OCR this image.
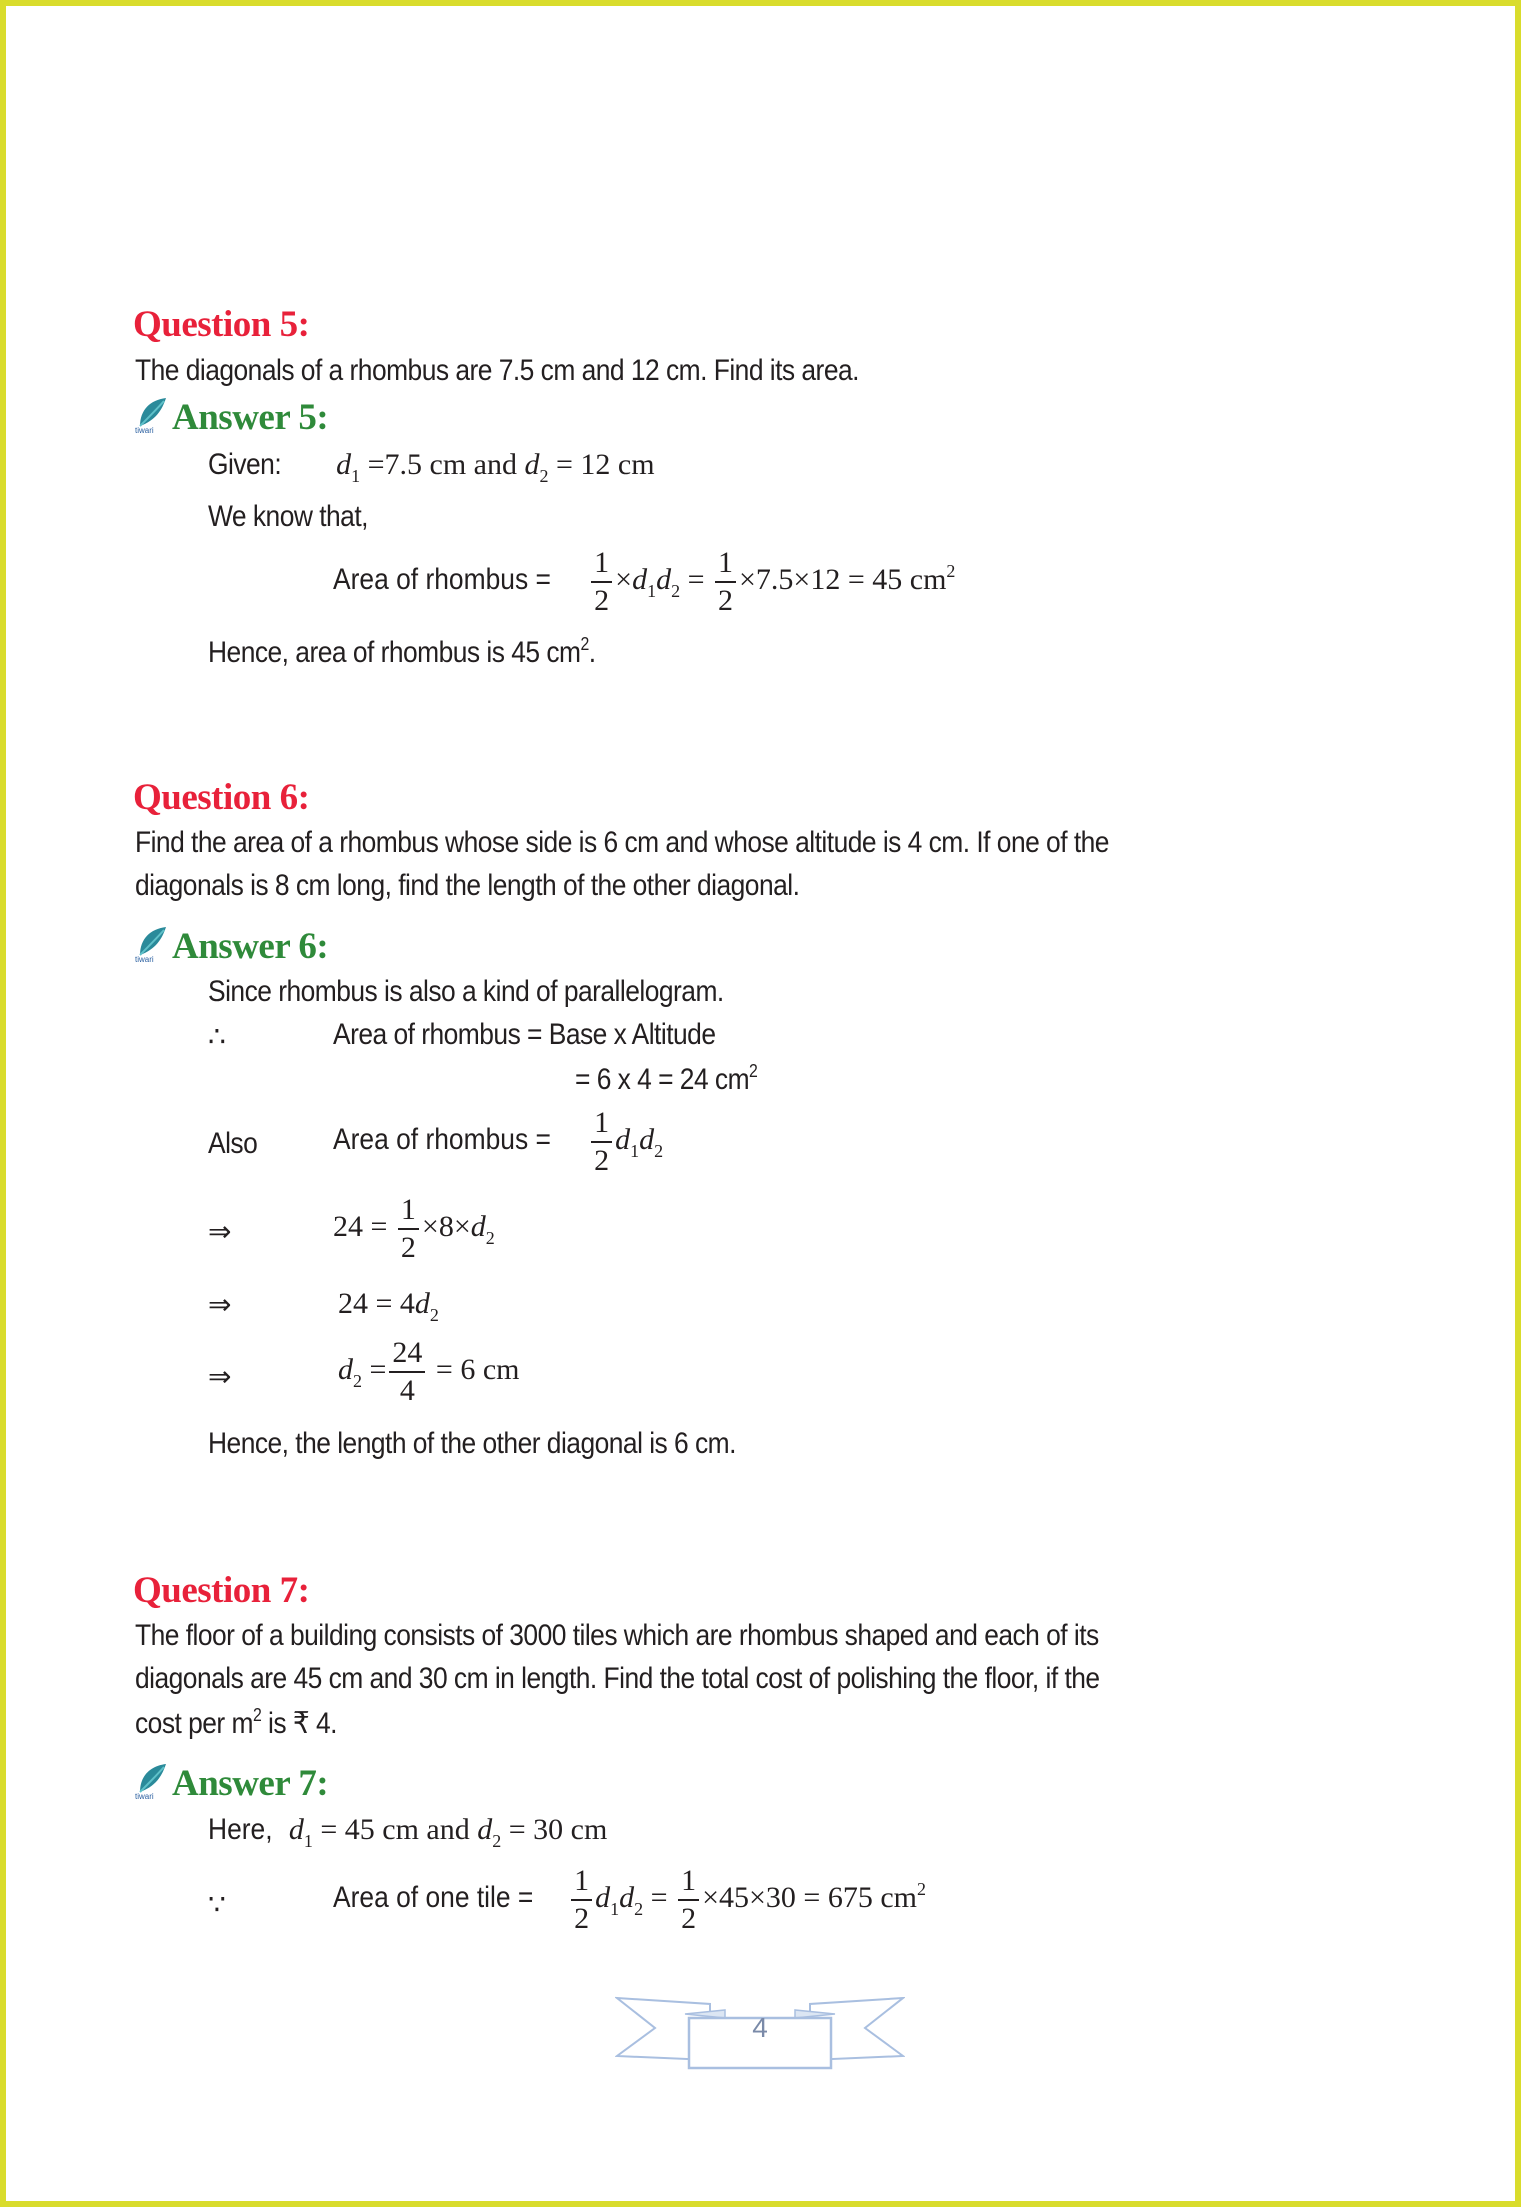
Question 5:
The diagonals of a rhombus are 7.5 cm and 12 cm. Find its area.
tiwari Answer 5:
Given: $d_1 =7.5$ cm and $d_2 = 12$ cm
We know that,
Area of rhombus = $\frac{1}{2} \times d_1d_2 = \frac{1}{2} \times 7.5\times 12 = 45$ $cm^2$
Hence, area of rhombus is 45 $cm^2$.
Question 6:
Find the area of a rhombus whose side is 6 cm and whose altitude is 4 cm. If one of the
diagonals is 8 cm long, find the length of the other diagonal.
tiwari Answer 6:
Since rhombus is also a kind of parallelogram.
∴	Area of rhombus = Base x Altitude
= 6 x 4 = 24 $cm^2$
Also	Area of rhombus = $\frac{1}{2} d_1d_2$
⇒	$24 = \frac{1}{2} \times 8\times d_2$
⇒	$24 = 4d_2$
⇒	$d_2 = \frac{24}{4} = 6$ cm
Hence, the length of the other diagonal is 6 cm.
Question 7:
The floor of a building consists of 3000 tiles which are rhombus shaped and each of its
diagonals are 45 cm and 30 cm in length. Find the total cost of polishing the floor, if the
cost per $m^2$ is ₹ 4.
tiwari Answer 7:
Here, $d_1 = 45$ cm and $d_2 = 30$ cm
∵	Area of one tile = $\frac{1}{2} d_1d_2 = \frac{1}{2} \times 45\times 30 = 675$ $cm^2$
4
